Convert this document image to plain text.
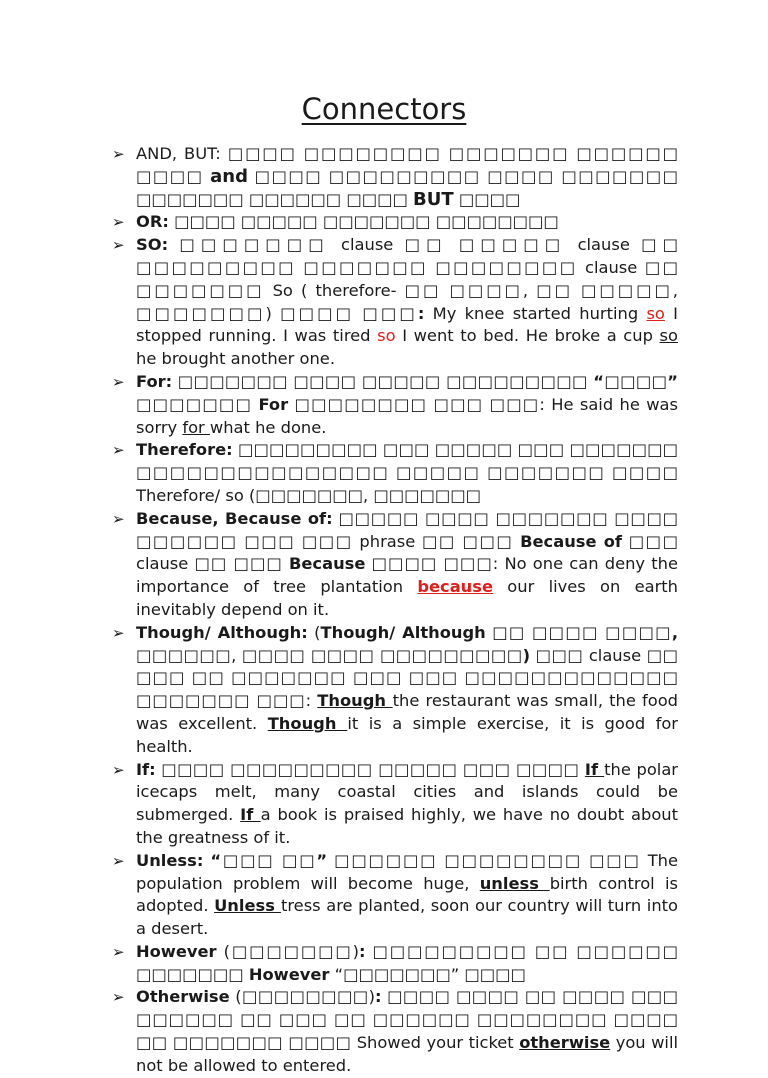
Connectors
➢ AND, BUT: □□□□ □□□□□□□□ □□□□□□□ □□□□□□ □□□□ and □□□□ □□□□□□□□□ □□□□ □□□□□□□ □□□□□□□ □□□□□□ □□□□ BUT □□□□
➢ OR: □□□□ □□□□□ □□□□□□□ □□□□□□□□
➢ SO: □□□□□□□ clause □□ □□□□□ clause □□ □□□□□□□□□ □□□□□□□ □□□□□□□□ clause □□ □□□□□□□ So ( therefore- □□ □□□□, □□ □□□□□, □□□□□□□) □□□□ □□□: My knee started hurting so I stopped running. I was tired so I went to bed. He broke a cup so he brought another one.
➢ For: □□□□□□□ □□□□ □□□□□ □□□□□□□□□ “□□□□” □□□□□□□ For □□□□□□□□ □□□ □□□: He said he was sorry for what he done.
➢ Therefore: □□□□□□□□□ □□□ □□□□□ □□□ □□□□□□□ □□□□□□□□□□□□□□□ □□□□□ □□□□□□□ □□□□ Therefore/ so (□□□□□□□, □□□□□□□
➢ Because, Because of: □□□□□ □□□□ □□□□□□□ □□□□ □□□□□□ □□□ □□□ phrase □□ □□□ Because of □□□ clause □□ □□□ Because □□□□ □□□: No one can deny the importance of tree plantation because our lives on earth inevitably depend on it.
➢ Though/ Although: (Though/ Although □□ □□□□ □□□□, □□□□□□, □□□□ □□□□ □□□□□□□□□) □□□ clause □□ □□□ □□ □□□□□□□ □□□ □□□ □□□□□□□□□□□□□ □□□□□□□ □□□: Though the restaurant was small, the food was excellent. Though it is a simple exercise, it is good for health.
➢ If: □□□□ □□□□□□□□□ □□□□□ □□□ □□□□ If the polar icecaps melt, many coastal cities and islands could be submerged. If a book is praised highly, we have no doubt about the greatness of it.
➢ Unless: “□□□ □□” □□□□□□ □□□□□□□□ □□□ The population problem will become huge, unless birth control is adopted. Unless tress are planted, soon our country will turn into a desert.
➢ However (□□□□□□□): □□□□□□□□□ □□ □□□□□□ □□□□□□□ However “□□□□□□□” □□□□
➢ Otherwise (□□□□□□□□): □□□□ □□□□ □□ □□□□ □□□ □□□□□□ □□ □□□ □□ □□□□□□ □□□□□□□□ □□□□ □□ □□□□□□□ □□□□ Showed your ticket otherwise you will not be allowed to entered.
